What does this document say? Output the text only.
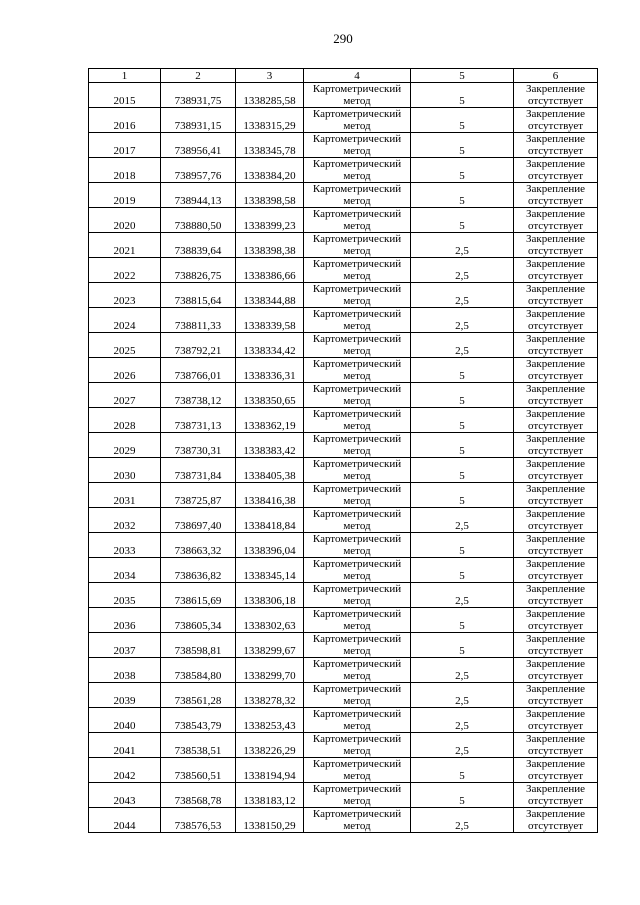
290
1	2	3	4	5	6
2015	738931,75	1338285,58	Картометрический метод	5	Закрепление отсутствует
2016	738931,15	1338315,29	Картометрический метод	5	Закрепление отсутствует
2017	738956,41	1338345,78	Картометрический метод	5	Закрепление отсутствует
2018	738957,76	1338384,20	Картометрический метод	5	Закрепление отсутствует
2019	738944,13	1338398,58	Картометрический метод	5	Закрепление отсутствует
2020	738880,50	1338399,23	Картометрический метод	5	Закрепление отсутствует
2021	738839,64	1338398,38	Картометрический метод	2,5	Закрепление отсутствует
2022	738826,75	1338386,66	Картометрический метод	2,5	Закрепление отсутствует
2023	738815,64	1338344,88	Картометрический метод	2,5	Закрепление отсутствует
2024	738811,33	1338339,58	Картометрический метод	2,5	Закрепление отсутствует
2025	738792,21	1338334,42	Картометрический метод	2,5	Закрепление отсутствует
2026	738766,01	1338336,31	Картометрический метод	5	Закрепление отсутствует
2027	738738,12	1338350,65	Картометрический метод	5	Закрепление отсутствует
2028	738731,13	1338362,19	Картометрический метод	5	Закрепление отсутствует
2029	738730,31	1338383,42	Картометрический метод	5	Закрепление отсутствует
2030	738731,84	1338405,38	Картометрический метод	5	Закрепление отсутствует
2031	738725,87	1338416,38	Картометрический метод	5	Закрепление отсутствует
2032	738697,40	1338418,84	Картометрический метод	2,5	Закрепление отсутствует
2033	738663,32	1338396,04	Картометрический метод	5	Закрепление отсутствует
2034	738636,82	1338345,14	Картометрический метод	5	Закрепление отсутствует
2035	738615,69	1338306,18	Картометрический метод	2,5	Закрепление отсутствует
2036	738605,34	1338302,63	Картометрический метод	5	Закрепление отсутствует
2037	738598,81	1338299,67	Картометрический метод	5	Закрепление отсутствует
2038	738584,80	1338299,70	Картометрический метод	2,5	Закрепление отсутствует
2039	738561,28	1338278,32	Картометрический метод	2,5	Закрепление отсутствует
2040	738543,79	1338253,43	Картометрический метод	2,5	Закрепление отсутствует
2041	738538,51	1338226,29	Картометрический метод	2,5	Закрепление отсутствует
2042	738560,51	1338194,94	Картометрический метод	5	Закрепление отсутствует
2043	738568,78	1338183,12	Картометрический метод	5	Закрепление отсутствует
2044	738576,53	1338150,29	Картометрический метод	2,5	Закрепление отсутствует
